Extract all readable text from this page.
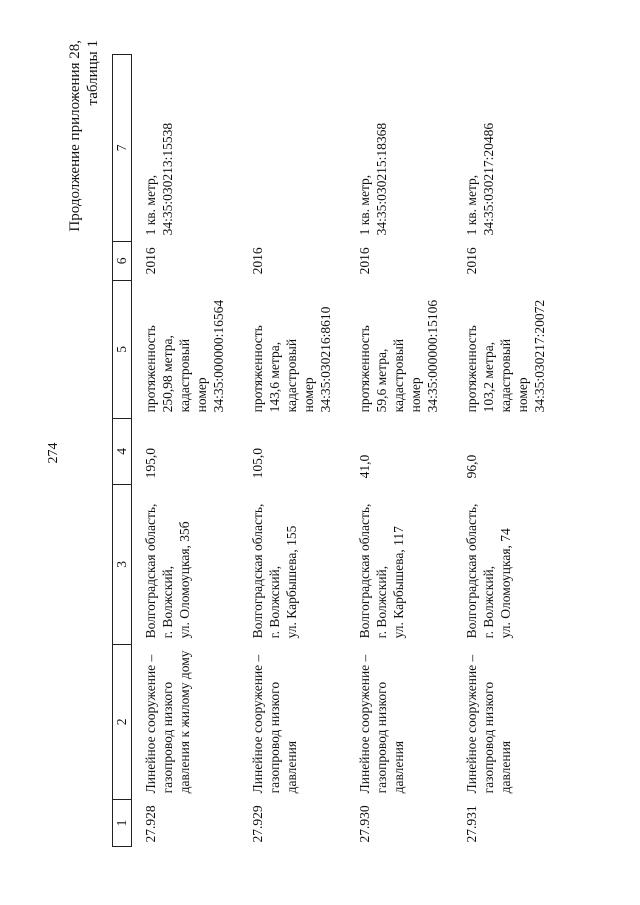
274
Продолжение приложения 28, таблицы 1
1	2	3	4	5	6	7
27.928	Линейное сооружение – газопровод низкого давления к жилому дому	Волгоградская область, г. Волжский, ул. Оломоуцкая, 35б	195,0	протяженность 250,98 метра, кадастровый номер 34:35:000000:16564	2016	1 кв. метр, 34:35:030213:15538

27.929	Линейное сооружение – газопровод низкого давления	Волгоградская область, г. Волжский, ул. Карбышева, 155	105,0	протяженность 143,6 метра, кадастровый номер 34:35:030216:8610	2016	
27.930	Линейное сооружение – газопровод низкого давления	Волгоградская область, г. Волжский, ул. Карбышева, 117	41,0	протяженность 59,6 метра, кадастровый номер 34:35:000000:15106	2016	1 кв. метр, 34:35:030215:18368

27.931	Линейное сооружение – газопровод низкого давления	Волгоградская область, г. Волжский, ул. Оломоуцкая, 74	96,0	протяженность 103,2 метра, кадастровый номер 34:35:030217:20072	2016	1 кв. метр, 34:35:030217:20486
